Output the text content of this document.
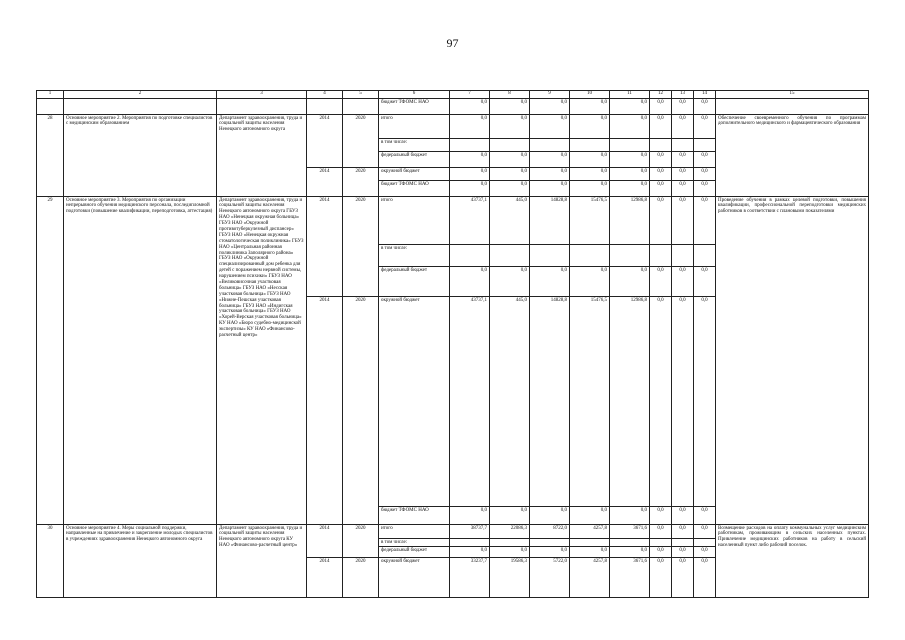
97
1	2	3	4	5	6	7	8	9	10	11	12	13	14	15
					бюджет ТФОМС НАО	0,0	0,0	0,0	0,0	0,0	0,0	0,0	0,0	
28	Основное мероприятие 2. Мероприятия по подготовке специалистов с медицинским образованием	Департамент здравоохранения, труда и социальной защиты населения Ненецкого автономного округа	2014	2020	итого	0,0	0,0	0,0	0,0	0,0	0,0	0,0	0,0	Обеспечение своевременного обучения по программам дополнительного медицинского и фармацевтического образования
					в том числе:									
					федеральный бюджет	0,0	0,0	0,0	0,0	0,0	0,0	0,0	0,0	
			2014	2020	окружной бюджет	0,0	0,0	0,0	0,0	0,0	0,0	0,0	0,0	
					бюджет ТФОМС НАО	0,0	0,0	0,0	0,0	0,0	0,0	0,0	0,0	
29	Основное мероприятие 3. Мероприятия по организации непрерывного обучения медицинского персонала, последипломной подготовки (повышение квалификации, переподготовка, аттестация)	Департамент здравоохранения, труда и социальной защиты населения Ненецкого автономного округа ГБУЗ НАО «Ненецкая окружная больница» ГБУЗ НАО «Окружной противотуберкулезный диспансер» ГБУЗ НАО «Ненецкая окружная стоматологическая поликлиника» ГБУЗ НАО «Центральная районная поликлиника Заполярного района» ГБУЗ НАО «Окружной специализированный дом ребенка для детей с поражением нервной системы, нарушением психики» ГБУЗ НАО «Великовисочная участковая больница» ГБУЗ НАО «Несская участковая больница» ГБУЗ НАО «Нижне-Пешская участковая больница» ГБУЗ НАО «Индигская участковая больница» ГБУЗ НАО «Хорей-Верская участковая больница» КУ НАО «Бюро судебно-медицинской экспертизы» КУ НАО «Финансово-расчетный центр»	2014	2020	итого	43737,1	445,0	14828,8	15476,5	12986,8	0,0	0,0	0,0	Проведение обучения в рамках целевой подготовки, повышения квалификации, профессиональной переподготовки медицинских работников в соответствии с плановыми показателями
					в том числе:									
					федеральный бюджет	0,0	0,0	0,0	0,0	0,0	0,0	0,0	0,0	
			2014	2020	окружной бюджет	43737,1	445,0	14828,8	15476,5	12986,8	0,0	0,0	0,0	
					бюджет ТФОМС НАО	0,0	0,0	0,0	0,0	0,0	0,0	0,0	0,0	
30	Основное мероприятие 4. Меры социальной поддержки, направленные на привлечение и закрепление молодых специалистов в учреждениях здравоохранения Ненецкого автономного округа	Департамент здравоохранения, труда и социальной защиты населения Ненецкого автономного округа КУ НАО «Финансово-расчетный центр»	2014	2020	итого	38737,7	22086,3	8722,0	4257,8	3671,6	0,0	0,0	0,0	Возмещение расходов на оплату коммунальных услуг медицинским работникам, проживающим в сельских населенных пунктах. Привлечение медицинских работников на работу в сельский населенный пункт либо рабочий поселок.
					в том числе:									
					федеральный бюджет	0,0	0,0	0,0	0,0	0,0	0,0	0,0	0,0	
			2014	2020	окружной бюджет	33237,7	19586,3	5722,0	4257,8	3671,6	0,0	0,0	0,0	
